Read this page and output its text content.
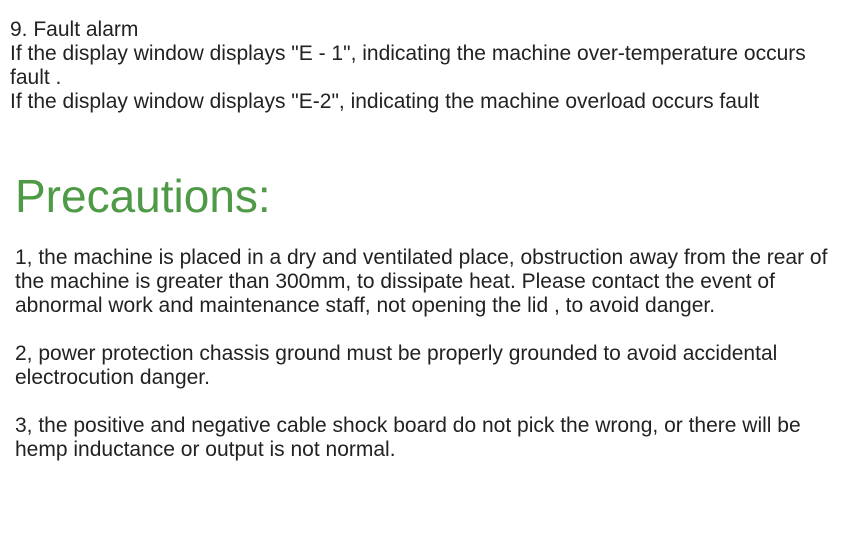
9. Fault alarm

If the display window displays "E - 1", indicating the machine over-temperature occurs fault .

If the display window displays "E-2", indicating the machine overload occurs fault

Precautions:

1, the machine is placed in a dry and ventilated place, obstruction away from the rear of the machine is greater than 300mm, to dissipate heat. Please contact the event of abnormal work and maintenance staff, not opening the lid , to avoid danger.

2, power protection chassis ground must be properly grounded to avoid accidental electrocution danger.

3, the positive and negative cable shock board do not pick the wrong, or there will be hemp inductance or output is not normal.
